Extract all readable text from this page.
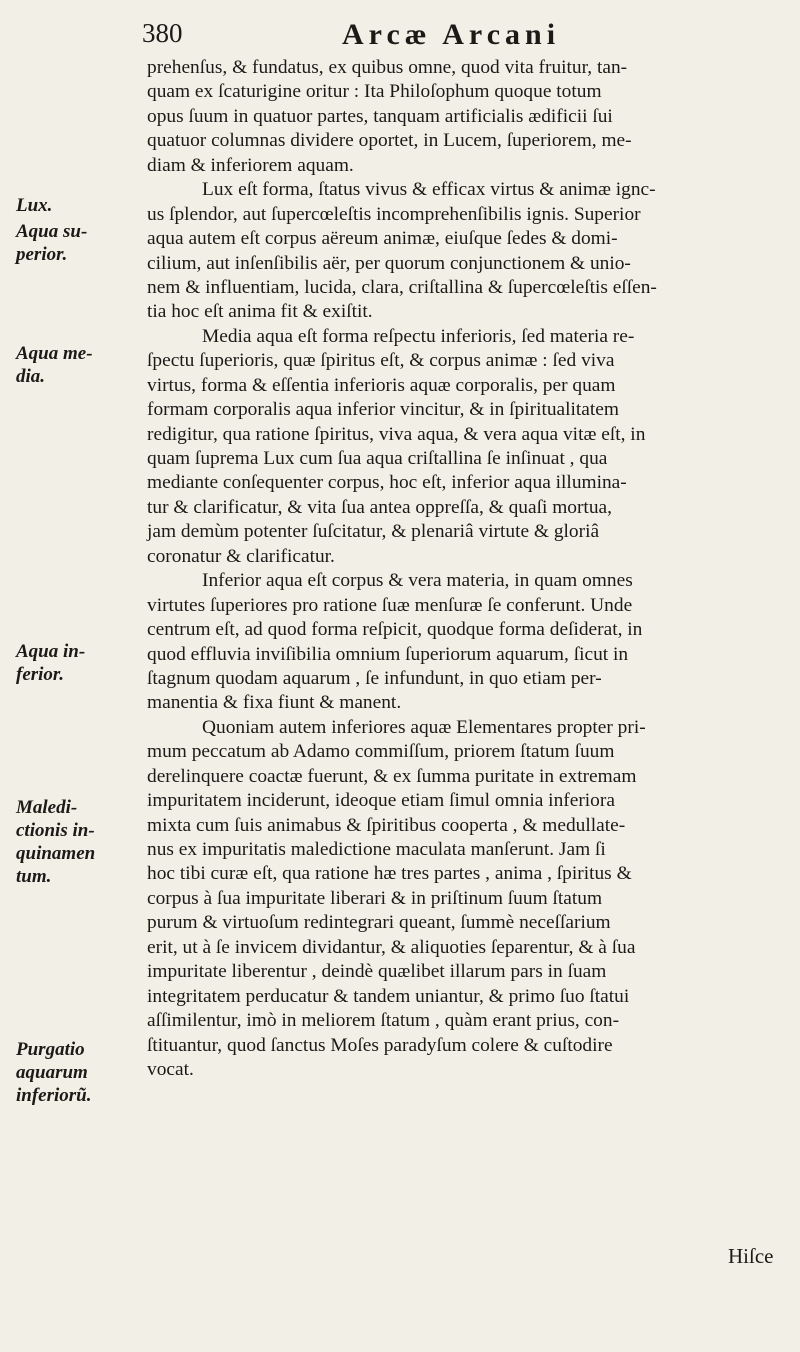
380	Arcæ Arcani
Lux.
Aqua su-
perior.
Aqua me-
dia.
Aqua in-
ferior.
Maledi-
ctionis in-
quinamen
tum.
Purgatio
aquarum
inferiorũ.
prehenſus, & fundatus, ex quibus omne, quod vita fruitur, tan-
quam ex ſcaturigine oritur : Ita Philoſophum quoque totum
opus ſuum in quatuor partes, tanquam artificialis ædificii ſui
quatuor columnas dividere oportet, in Lucem, ſuperiorem, me-
diam & inferiorem aquam.
Lux eſt forma, ſtatus vivus & efficax virtus & animæ ignc-
us ſplendor, aut ſupercœleſtis incomprehenſibilis ignis. Superior
aqua autem eſt corpus aëreum animæ, eiuſque ſedes & domi-
cilium, aut inſenſibilis aër, per quorum conjunctionem & unio-
nem & influentiam, lucida, clara, criſtallina & ſupercœleſtis eſſen-
tia hoc eſt anima fit & exiſtit.
Media aqua eſt forma reſpectu inferioris, ſed materia re-
ſpectu ſuperioris, quæ ſpiritus eſt, & corpus animæ : ſed viva
virtus, forma & eſſentia inferioris aquæ corporalis, per quam
formam corporalis aqua inferior vincitur, & in ſpiritualitatem
redigitur, qua ratione ſpiritus, viva aqua, & vera aqua vitæ eſt, in
quam ſuprema Lux cum ſua aqua criſtallina ſe inſinuat , qua
mediante conſequenter corpus, hoc eſt, inferior aqua illumina-
tur & clarificatur, & vita ſua antea oppreſſa, & quaſi mortua,
jam demùm potenter ſuſcitatur, & plenariâ virtute & gloriâ
coronatur & clarificatur.
Inferior aqua eſt corpus & vera materia, in quam omnes
virtutes ſuperiores pro ratione ſuæ menſuræ ſe conferunt. Unde
centrum eſt, ad quod forma reſpicit, quodque forma deſiderat, in
quod effluvia inviſibilia omnium ſuperiorum aquarum, ſicut in
ſtagnum quodam aquarum , ſe infundunt, in quo etiam per-
manentia & fixa fiunt & manent.
Quoniam autem inferiores aquæ Elementares propter pri-
mum peccatum ab Adamo commiſſum, priorem ſtatum ſuum
derelinquere coactæ fuerunt, & ex ſumma puritate in extremam
impuritatem inciderunt, ideoque etiam ſimul omnia inferiora
mixta cum ſuis animabus & ſpiritibus cooperta , & medullate-
nus ex impuritatis maledictione maculata manſerunt. Jam ſi
hoc tibi curæ eſt, qua ratione hæ tres partes , anima , ſpiritus &
corpus à ſua impuritate liberari & in priſtinum ſuum ſtatum
purum & virtuoſum redintegrari queant, ſummè neceſſarium
erit, ut à ſe invicem dividantur, & aliquoties ſeparentur, & à ſua
impuritate liberentur , deindè quælibet illarum pars in ſuam
integritatem perducatur & tandem uniantur, & primo ſuo ſtatui
aſſimilentur, imò in meliorem ſtatum , quàm erant prius, con-
ſtituantur, quod ſanctus Moſes paradyſum colere & cuſtodire
vocat.
Hiſce
